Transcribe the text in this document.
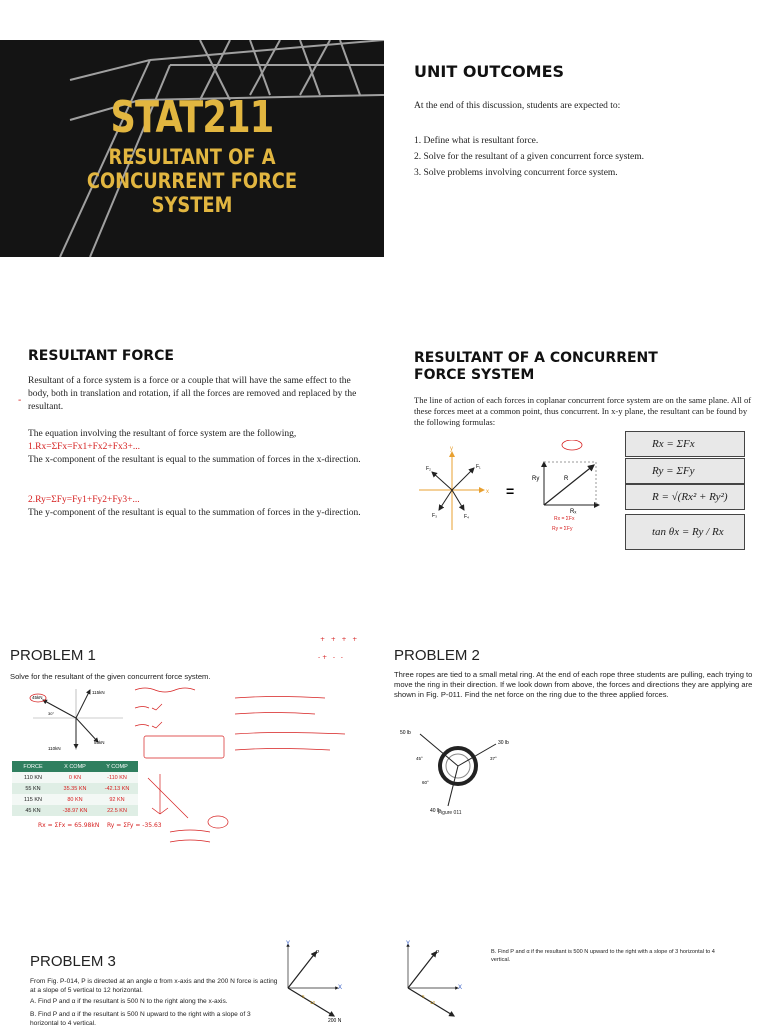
STAT211
RESULTANT OF A
CONCURRENT FORCE
SYSTEM
UNIT OUTCOMES
At the end of this discussion, students are expected to:
1. Define what is resultant force.
2. Solve for the resultant of a given concurrent force system.
3. Solve problems involving concurrent force system.
RESULTANT FORCE
Resultant of a force system is a force or a couple that will have the same effect to the body, both in translation and rotation, if all the forces are removed and replaced by the resultant.
-
The equation involving the resultant of force system are the following,
1.Rx=ΣFx=Fx1+Fx2+Fx3+...
The x-component of the resultant is equal to the summation of forces in the x-direction.
2.Ry=ΣFy=Fy1+Fy2+Fy3+...
The y-component of the resultant is equal to the summation of forces in the y-direction.
RESULTANT OF A CONCURRENT
FORCE SYSTEM
The line of action of each forces in coplanar concurrent force system are on the same plane. All of these forces meet at a common point, thus concurrent. In x-y plane, the resultant can be found by the following formulas:
x
y
F₁
F₂
F₃	F₄
=
R
Ry
Rₓ
Rx = ΣFx
Ry = ΣFy
Rx = ΣFx
Ry = ΣFy
R = √(Rx² + Ry²)
tan θx = Ry / Rx
PROBLEM 1
Solve for the resultant of the given concurrent force system.
+   +   +   +
- +   -   -
115kN
45kN
110kN
55kN
30°
FORCE	X COMP	Y COMP
110 KN	0 KN	-110 KN
55 KN	35.35 KN	-42.13 KN
115 KN	80 KN	92 KN
45 KN	-38.97 KN	22.5 KN
Rx = ΣFx = 65.98kN    Ry = ΣFy = -35.63
PROBLEM 2
Three ropes are tied to a small metal ring. At the end of each rope three students are pulling, each trying to move the ring in their direction. If we look down from above, the forces and directions they are applying are shown in Fig. P-011. Find the net force on the ring due to the three applied forces.
50 lb
30 lb
40 lb
45°	37°
60°
Figure 011
PROBLEM 3
From Fig. P-014, P is directed at an angle α from x-axis and the 200 N force is acting at a slope of 5 vertical to 12 horizontal.
A. Find P and α if the resultant is 500 N to the right along the x-axis.
B. Find P and α if the resultant is 500 N upward to the right with a slope of 3 horizontal to 4 vertical.
Y
X
P
5
12
200 N
Y
X
P
5
12
B. Find P and α if the resultant is 500 N upward to the right with a slope of 3 horizontal to 4 vertical.
